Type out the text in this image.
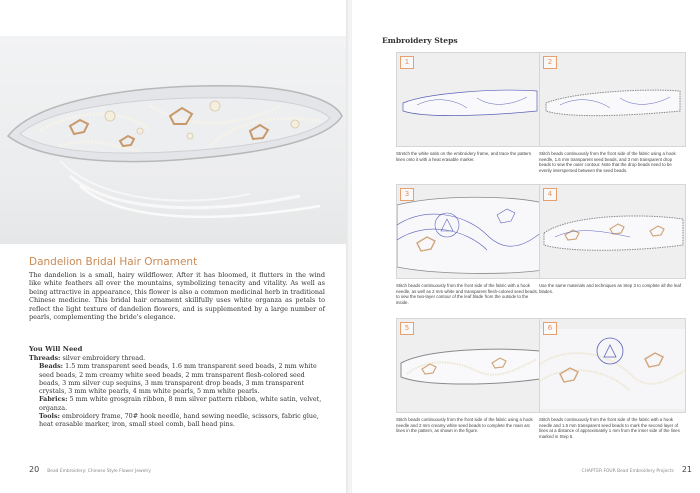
Dandelion Bridal Hair Ornament

The dandelion is a small, hairy wildflower. After it has bloomed, it flutters in the wind like white feathers all over the mountains, symbolizing tenacity and vitality. As well as being attractive in appearance, this flower is also a common medicinal herb in traditional Chinese medicine. This bridal hair ornament skillfully uses white organza as petals to reflect the light texture of dandelion flowers, and is supplemented by a large number of pearls, complementing the bride's elegance.

You Will Need

Threads: silver embroidery thread.

Beads: 1.5 mm transparent seed beads, 1.6 mm transparent seed beads, 2 mm white seed beads, 2 mm creamy white seed beads, 2 mm transparent flesh-colored seed beads, 3 mm silver cup sequins, 3 mm transparent drop beads, 3 mm transparent crystals, 3 mm white pearls, 4 mm white pearls, 5 mm white pearls.

Fabrics: 5 mm white grosgrain ribbon, 8 mm silver pattern ribbon, white satin, velvet, organza.

Tools: embroidery frame, 70# hook needle, hand sewing needle, scissors, fabric glue, heat erasable marker, iron, small steel comb, ball head pins.

20 Bead Embroidery: Chinese Style Flower Jewelry
Embroidery Steps
1
Stretch the white satin on the embroidery frame, and trace the pattern lines onto it with a heat erasable marker.
2
Stitch beads continuously from the front side of the fabric using a hook needle, 1.6 mm transparent seed beads, and 3 mm transparent drop beads to sew the outer contour. Note that the drop beads need to be evenly interspersed between the seed beads.
3
Stitch beads continuously from the front side of the fabric with a hook needle, as well as 2 mm white and transparent flesh-colored seed beads, to sew the two-layer contour of the leaf blade from the outside to the inside.
4
Use the same materials and techniques as Step 3 to complete all the leaf blades.
5
Stitch beads continuously from the front side of the fabric using a hook needle and 2 mm creamy white seed beads to complete the main arc lines in the pattern, as shown in the figure.
6
Stitch beads continuously from the front side of the fabric with a hook needle and 1.5 mm transparent seed beads to mark the second layer of lines at a distance of approximately 1 mm from the inner side of the lines marked in Step 5.
CHAPTER FOUR Bead Embroidery Projects 21
